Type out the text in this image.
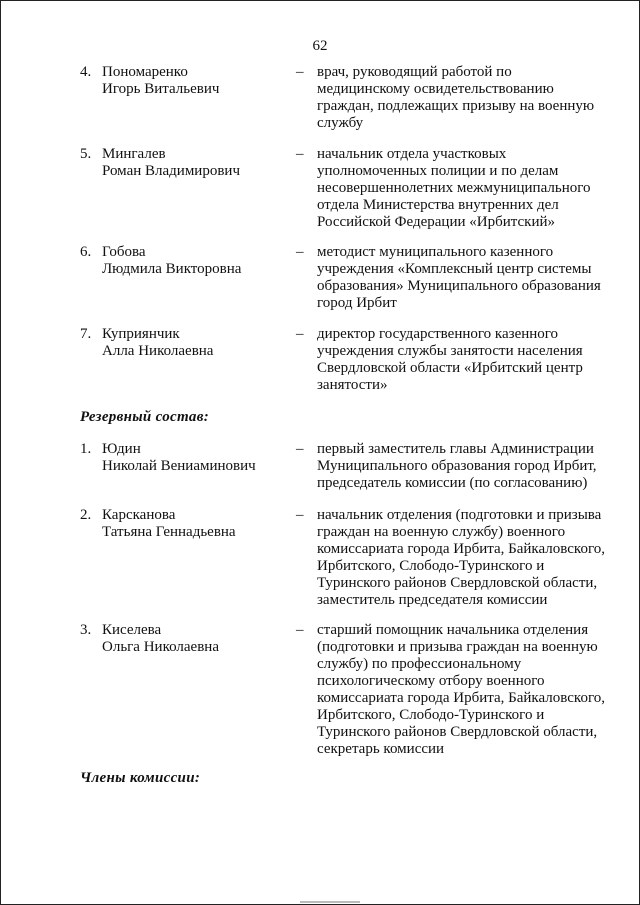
62
4. Пономаренко
Игорь Витальевич
– врач, руководящий работой по
медицинскому освидетельствованию
граждан, подлежащих призыву на военную
службу
5. Мингалев
Роман Владимирович
– начальник отдела участковых
уполномоченных полиции и по делам
несовершеннолетних межмуниципального
отдела Министерства внутренних дел
Российской Федерации «Ирбитский»
6. Гобова
Людмила Викторовна
– методист муниципального казенного
учреждения «Комплексный центр системы
образования» Муниципального образования
город Ирбит
7. Куприянчик
Алла Николаевна
– директор государственного казенного
учреждения службы занятости населения
Свердловской области «Ирбитский центр
занятости»
Резервный состав:
1. Юдин
Николай Вениаминович
– первый заместитель главы Администрации
Муниципального образования город Ирбит,
председатель комиссии (по согласованию)
2. Карсканова
Татьяна Геннадьевна
– начальник отделения (подготовки и призыва
граждан на военную службу) военного
комиссариата города Ирбита, Байкаловского,
Ирбитского, Слободо-Туринского и
Туринского районов Свердловской области,
заместитель председателя комиссии
3. Киселева
Ольга Николаевна
– старший помощник начальника отделения
(подготовки и призыва граждан на военную
службу) по профессиональному
психологическому отбору военного
комиссариата города Ирбита, Байкаловского,
Ирбитского, Слободо-Туринского и
Туринского районов Свердловской области,
секретарь комиссии
Члены комиссии:
